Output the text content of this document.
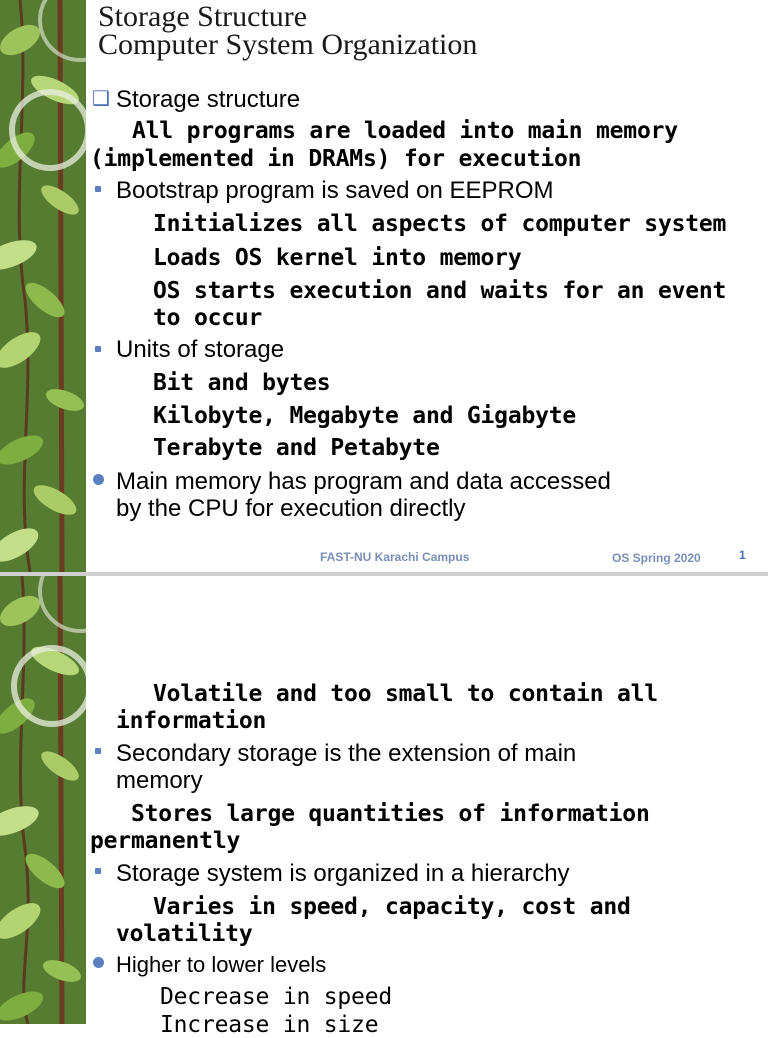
Computer System Organization
❑ Storage structure
All programs are loaded into main memory
(implemented in DRAMs) for execution
Bootstrap program is saved on EEPROM
Initializes all aspects of computer system
Loads OS kernel into memory
OS starts execution and waits for an event
to occur
Units of storage
Bit and bytes
Kilobyte, Megabyte and Gigabyte
Terabyte and Petabyte
Main memory has program and data accessed
by the CPU for execution directly
FAST-NU Karachi Campus	OS Spring 2020	1
Storage Structure
Volatile and too small to contain all
information
Secondary storage is the extension of main
memory
Stores large quantities of information
permanently
Storage system is organized in a hierarchy
Varies in speed, capacity, cost and
volatility
Higher to lower levels
Decrease in speed
Increase in size
